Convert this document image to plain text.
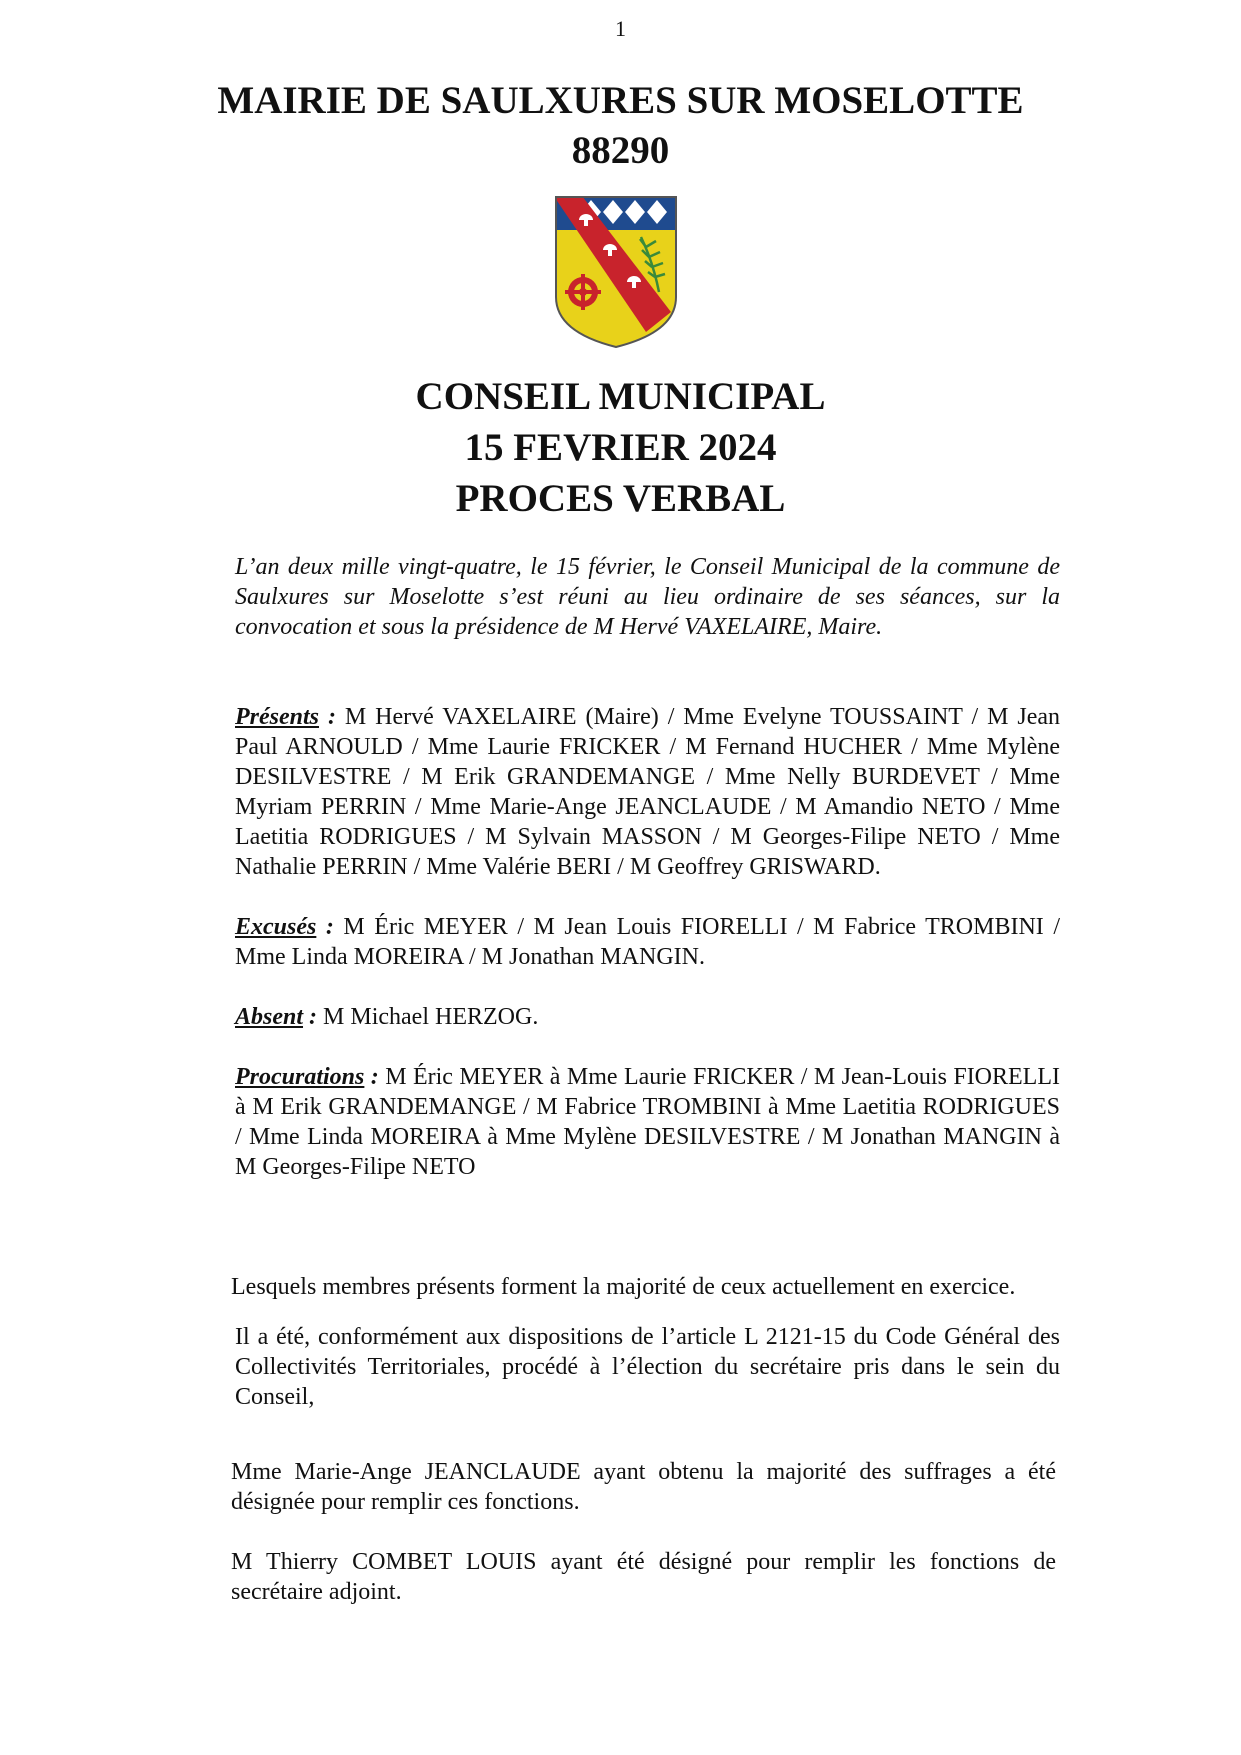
1
MAIRIE DE SAULXURES SUR MOSELOTTE
88290
CONSEIL MUNICIPAL
15 FEVRIER 2024
PROCES VERBAL

L’an deux mille vingt-quatre, le 15 février, le Conseil Municipal de la commune de Saulxures sur Moselotte s’est réuni au lieu ordinaire de ses séances, sur la convocation et sous la présidence de M Hervé VAXELAIRE, Maire.

Présents : M Hervé VAXELAIRE (Maire) / Mme Evelyne TOUSSAINT / M Jean Paul ARNOULD / Mme Laurie FRICKER / M Fernand HUCHER / Mme Mylène DESILVESTRE / M Erik GRANDEMANGE / Mme Nelly BURDEVET / Mme Myriam PERRIN / Mme Marie-Ange JEANCLAUDE / M Amandio NETO / Mme Laetitia RODRIGUES / M Sylvain MASSON / M Georges-Filipe NETO / Mme Nathalie PERRIN / Mme Valérie BERI / M Geoffrey GRISWARD.

Excusés : M Éric MEYER / M Jean Louis FIORELLI / M Fabrice TROMBINI / Mme Linda MOREIRA / M Jonathan MANGIN.

Absent : M Michael HERZOG.

Procurations : M Éric MEYER à Mme Laurie FRICKER / M Jean-Louis FIORELLI à M Erik GRANDEMANGE / M Fabrice TROMBINI à Mme Laetitia RODRIGUES / Mme Linda MOREIRA à Mme Mylène DESILVESTRE / M Jonathan MANGIN à M Georges-Filipe NETO

Lesquels membres présents forment la majorité de ceux actuellement en exercice.

Il a été, conformément aux dispositions de l’article L 2121-15 du Code Général des Collectivités Territoriales, procédé à l’élection du secrétaire pris dans le sein du Conseil,

Mme Marie-Ange JEANCLAUDE ayant obtenu la majorité des suffrages a été désignée pour remplir ces fonctions.

M Thierry COMBET LOUIS ayant été désigné pour remplir les fonctions de secrétaire adjoint.
